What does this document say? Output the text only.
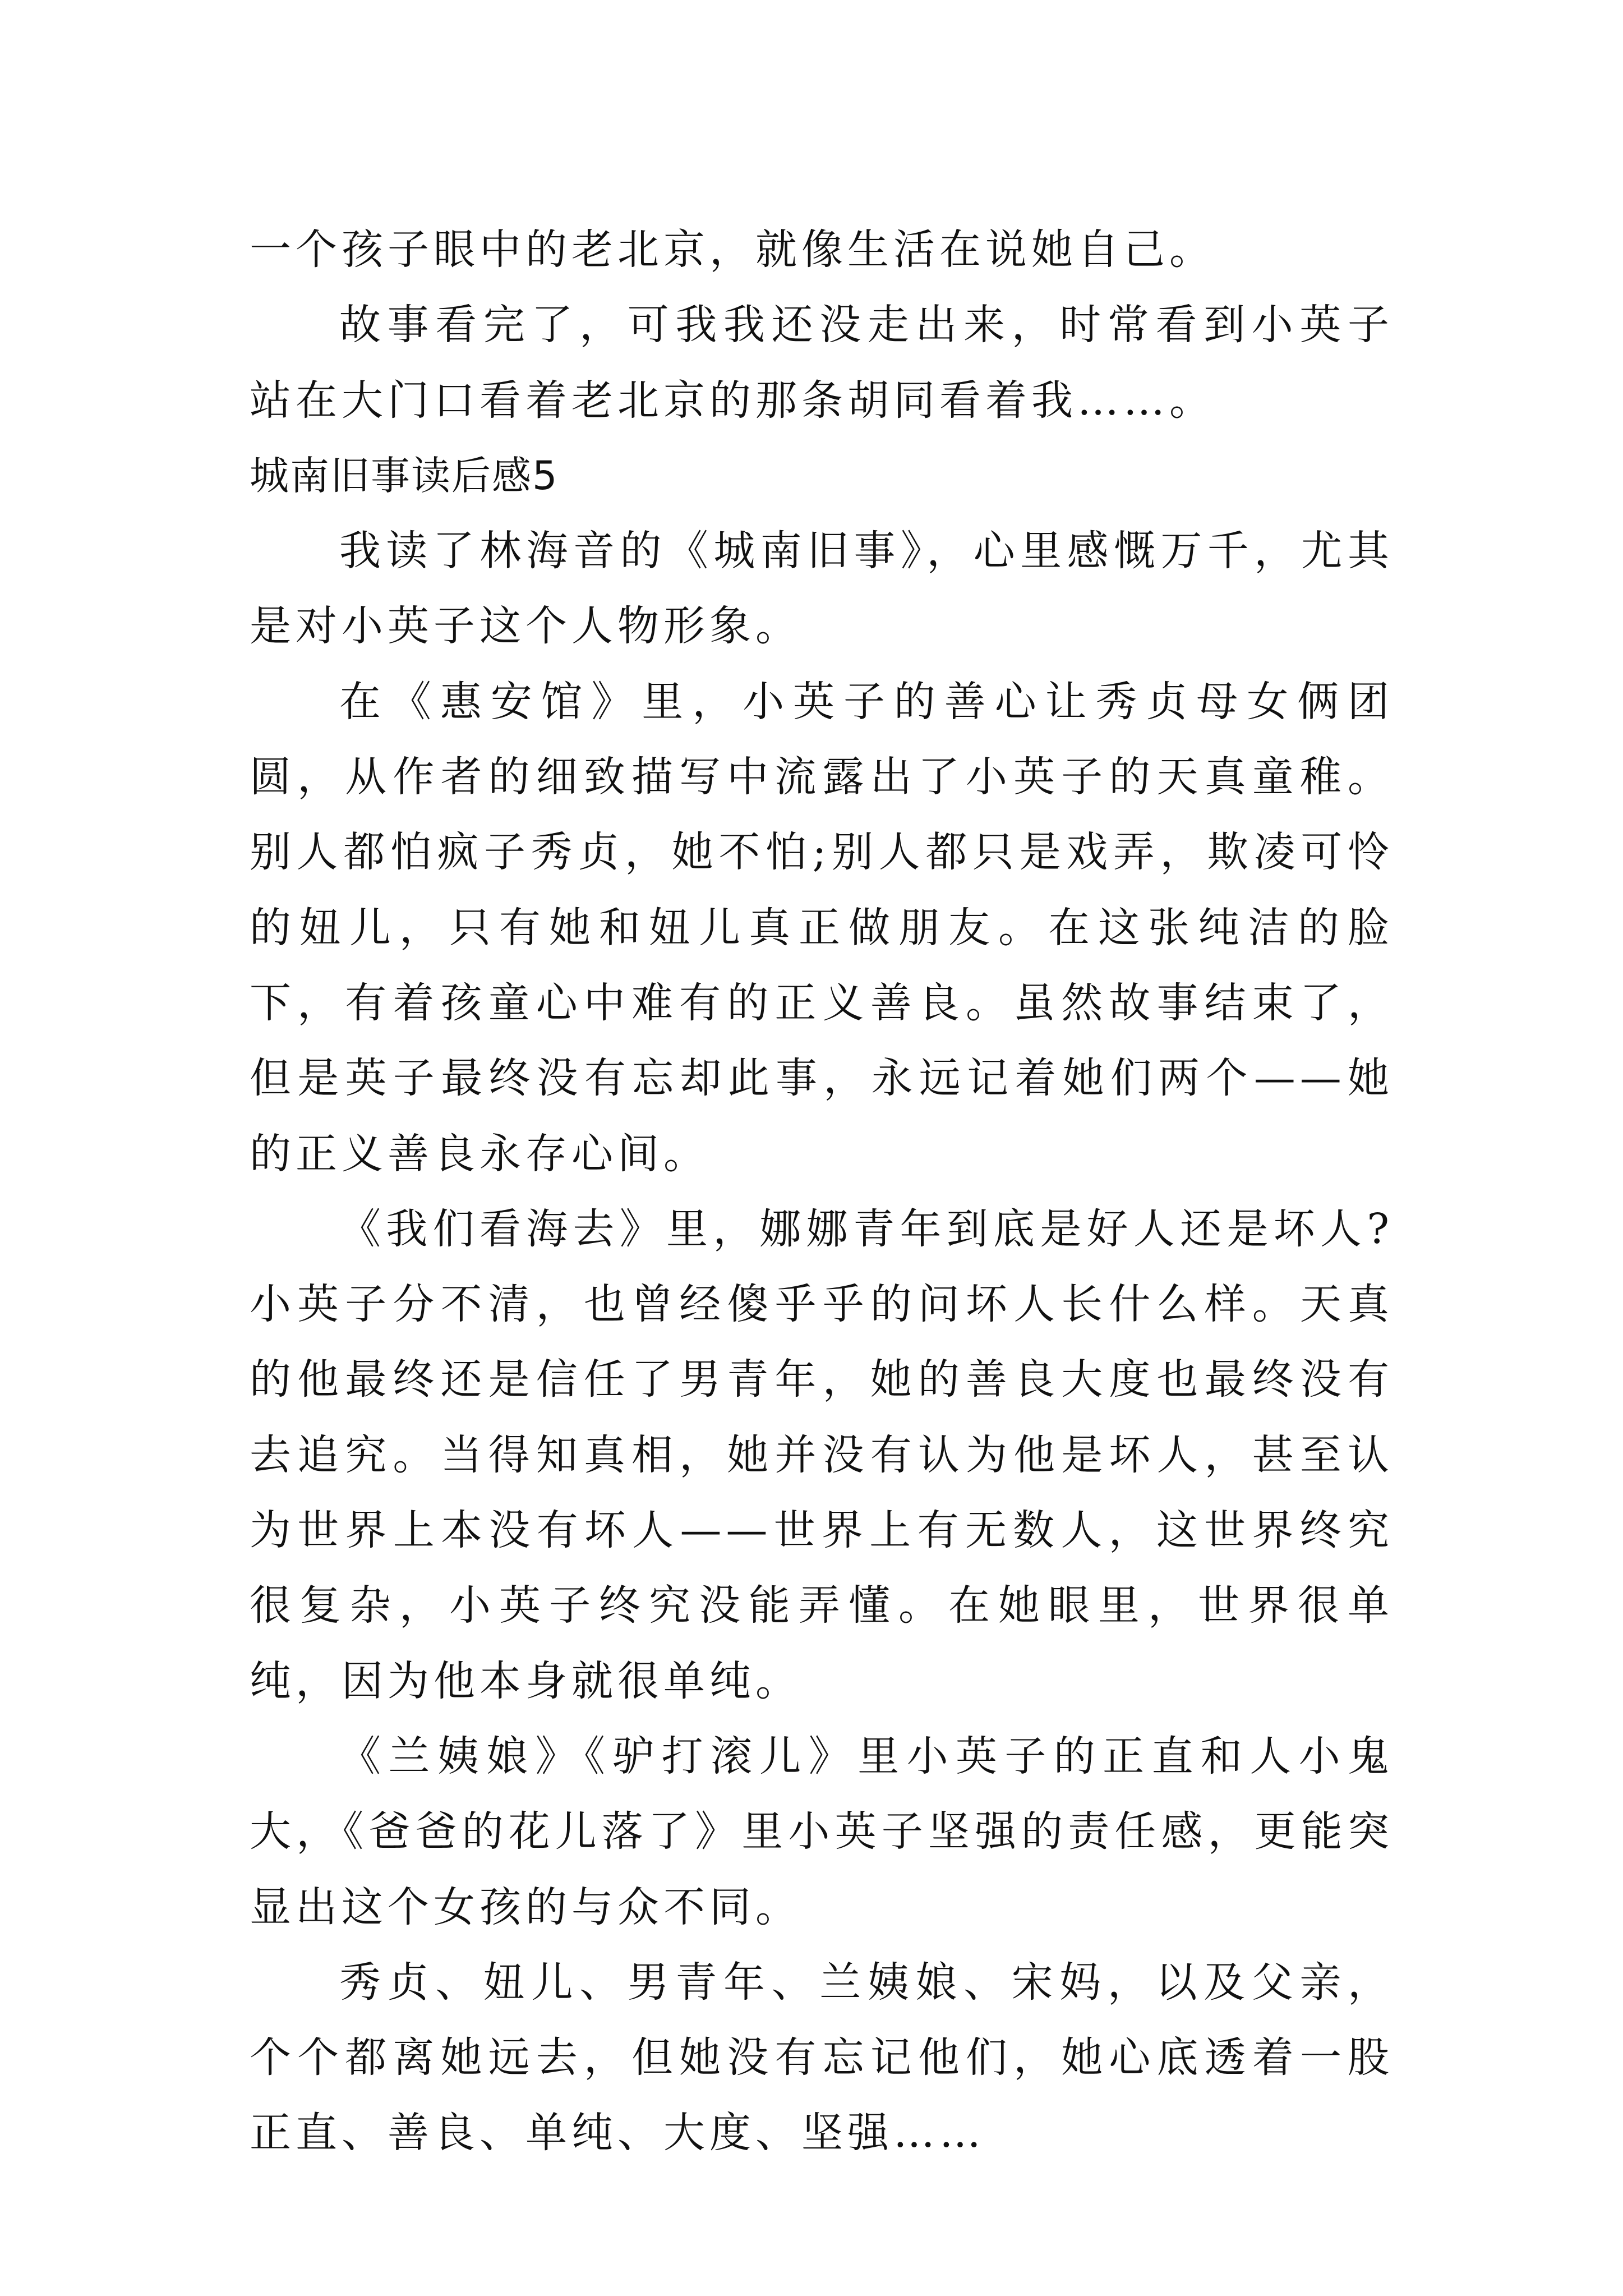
一个孩子眼中的老北京，就像生活在说她自己。

故事看完了，可我我还没走出来，时常看到小英子站在大门口看着老北京的那条胡同看着我……。

城南旧事读后感5

我读了林海音的《城南旧事》，心里感慨万千，尤其是对小英子这个人物形象。

在《惠安馆》里，小英子的善心让秀贞母女俩团圆，从作者的细致描写中流露出了小英子的天真童稚。别人都怕疯子秀贞，她不怕;别人都只是戏弄，欺凌可怜的妞儿，只有她和妞儿真正做朋友。在这张纯洁的脸下，有着孩童心中难有的正义善良。虽然故事结束了，但是英子最终没有忘却此事，永远记着她们两个——她的正义善良永存心间。

《我们看海去》里，娜娜青年到底是好人还是坏人?小英子分不清，也曾经傻乎乎的问坏人长什么样。天真的他最终还是信任了男青年，她的善良大度也最终没有去追究。当得知真相，她并没有认为他是坏人，甚至认为世界上本没有坏人——世界上有无数人，这世界终究很复杂，小英子终究没能弄懂。在她眼里，世界很单纯，因为他本身就很单纯。

《兰姨娘》《驴打滚儿》里小英子的正直和人小鬼大，《爸爸的花儿落了》里小英子坚强的责任感，更能突显出这个女孩的与众不同。

秀贞、妞儿、男青年、兰姨娘、宋妈，以及父亲，个个都离她远去，但她没有忘记他们，她心底透着一股正直、善良、单纯、大度、坚强……
